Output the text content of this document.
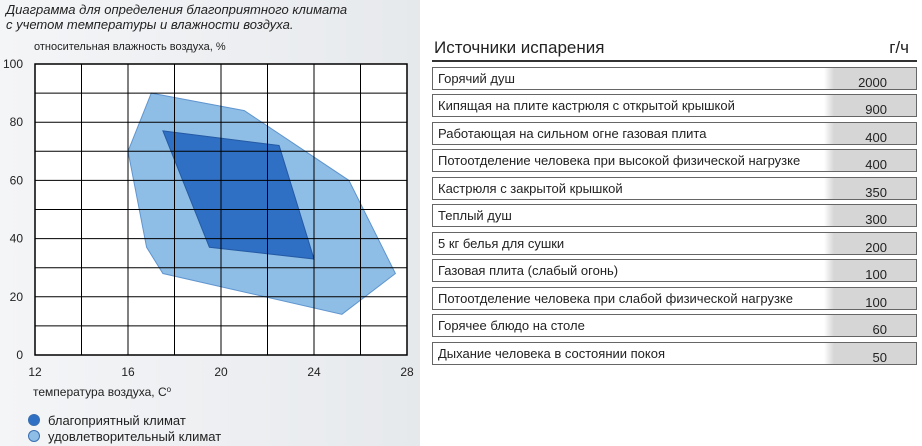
0
20
40
60
80
100
12	16	20	24	28
относительная влажность воздуха, %
температура воздуха, $С^о$
Диаграмма для определения благоприятного климата
с учетом температуры и влажности воздуха.
благоприятный климат
удовлетворительный климат
Источники испарения	г/ч
Горячий душ	2000
Кипящая на плите кастрюля с открытой крышкой	900
Работающая на сильном огне газовая плита	400
Потоотделение человека при высокой физической нагрузке	400
Кастрюля с закрытой крышкой	350
Теплый душ	300
5 кг белья для сушки	200
Газовая плита (слабый огонь)	100
Потоотделение человека при слабой физической нагрузке	100
Горячее блюдо на столе	60
Дыхание человека в состоянии покоя	50
